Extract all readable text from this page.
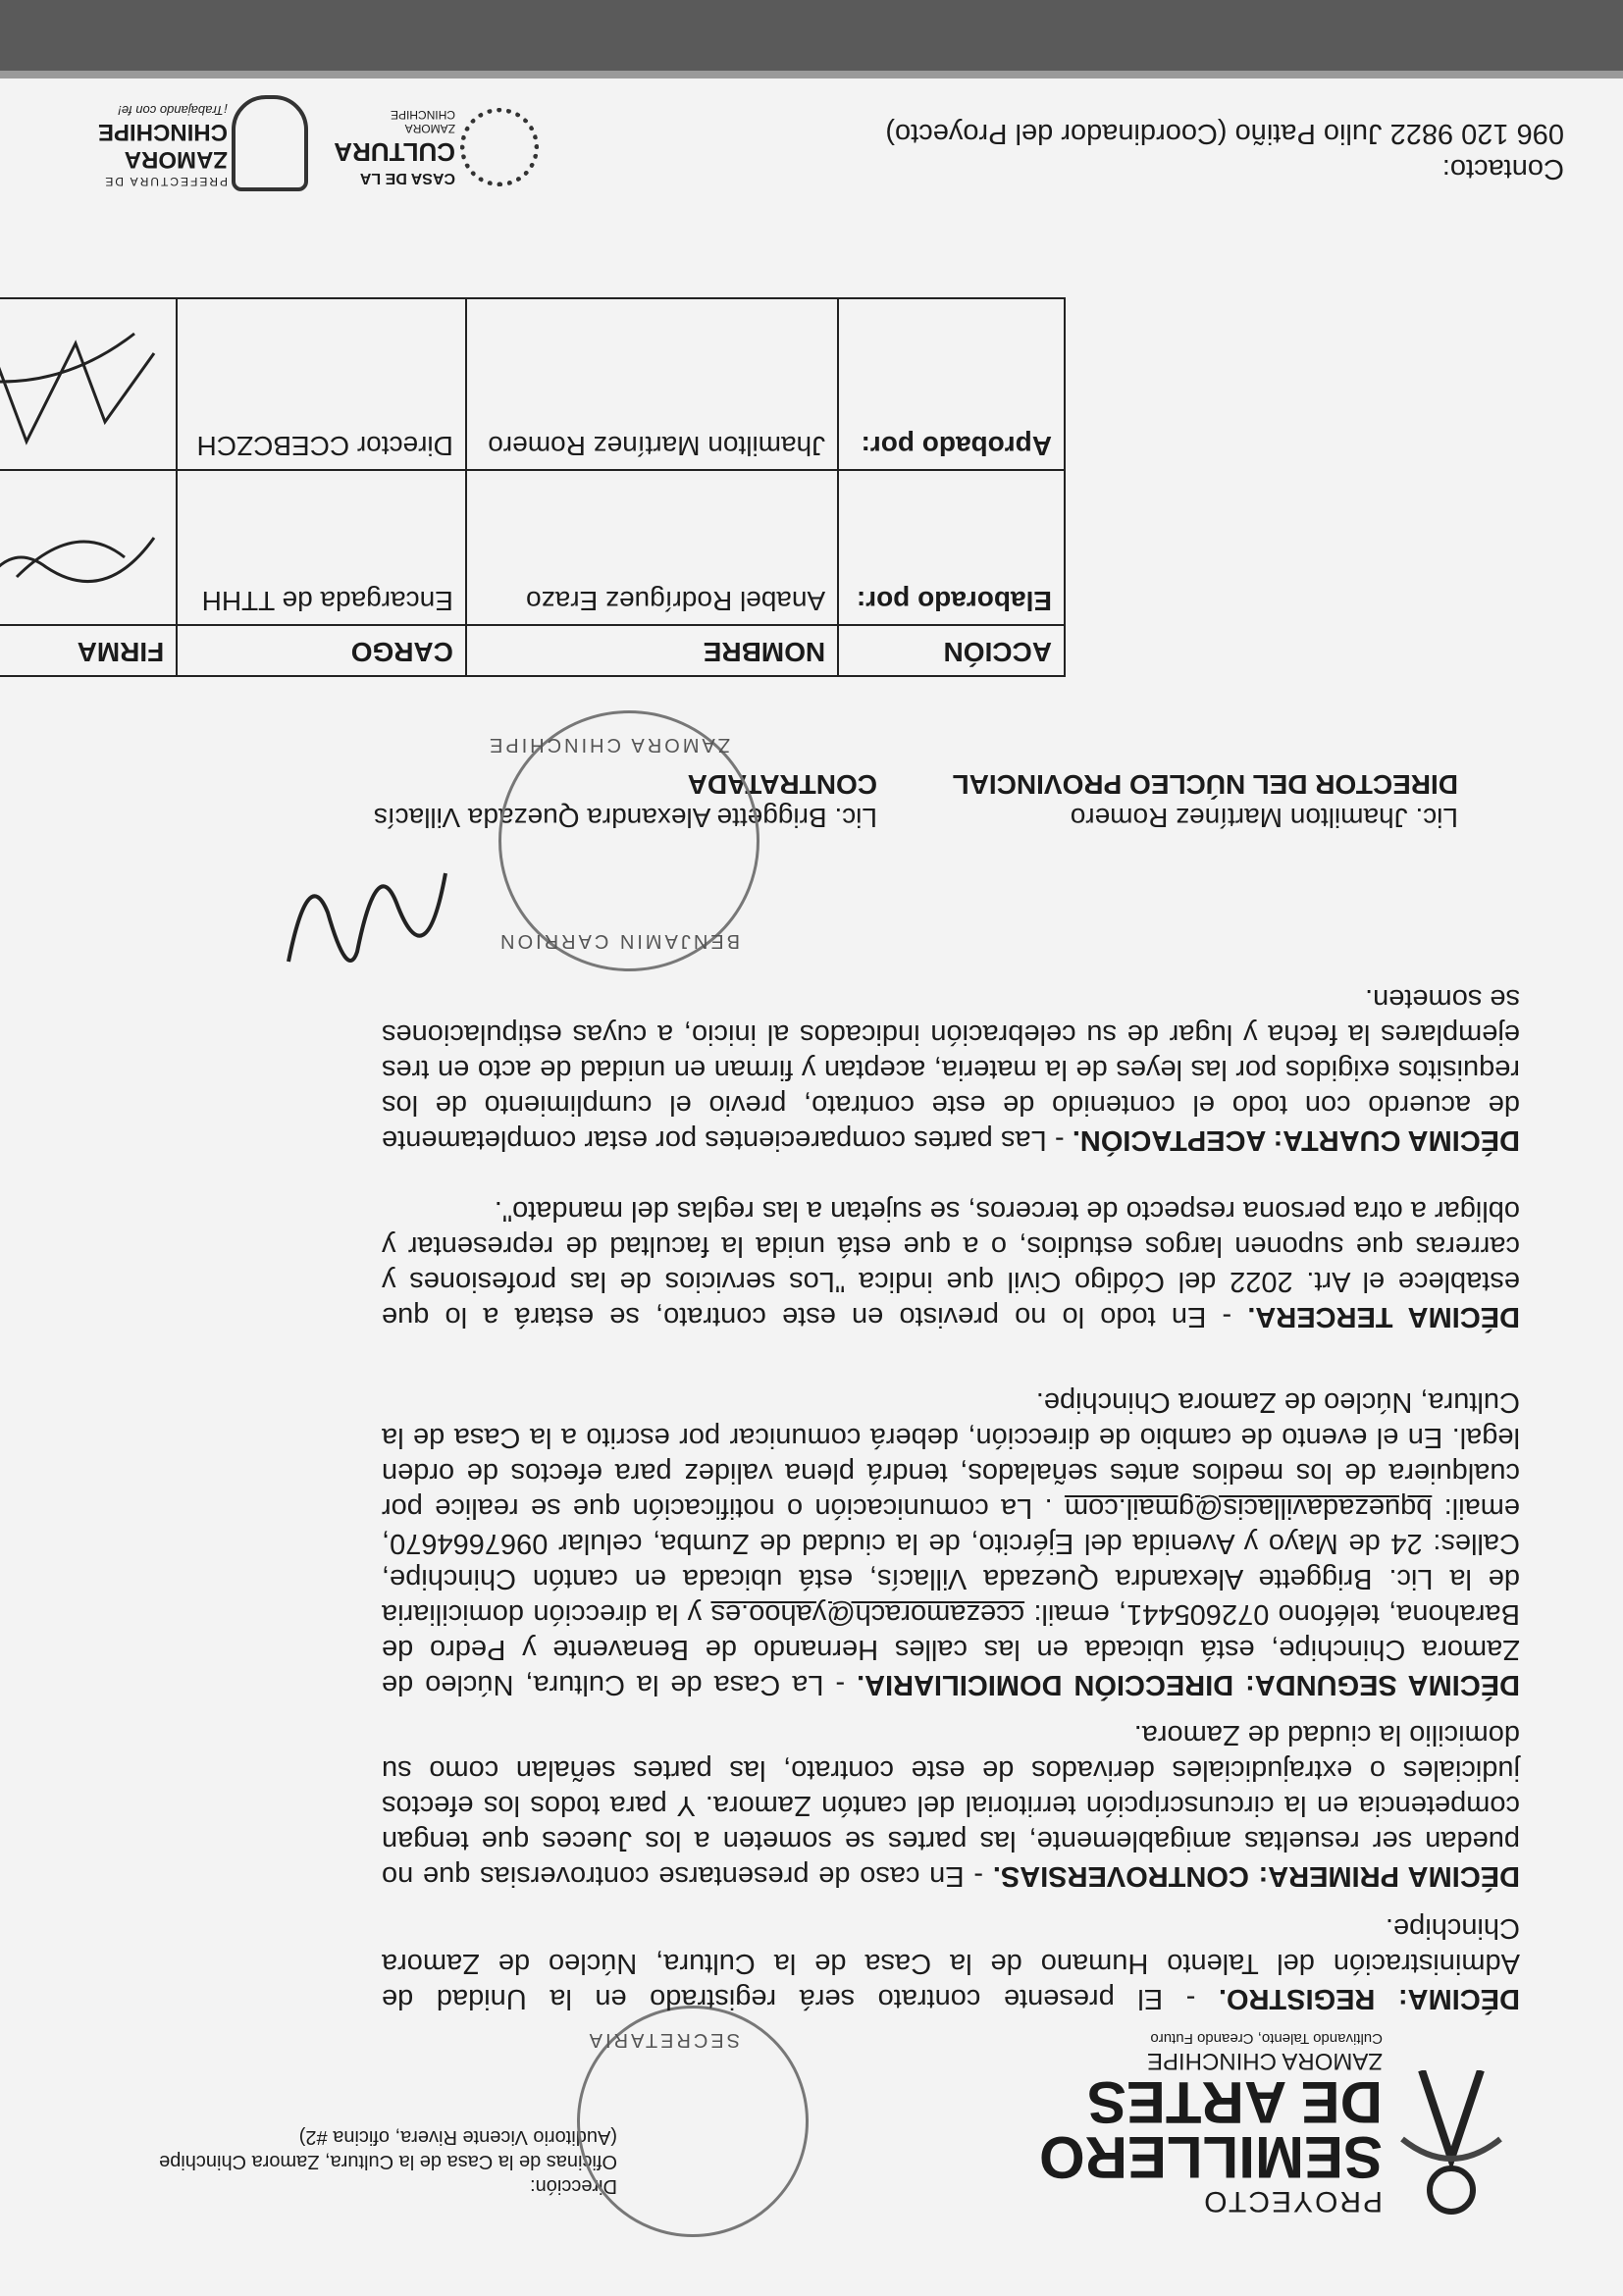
PROYECTO
SEMILLERO
DE ARTES
ZAMORA CHINCHIPE
Cultivando Talento, Creando Futuro
Dirección:
Oficinas de la Casa de la Cultura, Zamora Chinchipe
(Auditorio Vicente Rivera, oficina #2)
SECRETARIA
DÉCIMA: REGISTRO. - El presente contrato será registrado en la Unidad de Administración del Talento Humano de la Casa de la Cultura, Núcleo de Zamora Chinchipe.
DÉCIMA PRIMERA: CONTROVERSIAS. - En caso de presentarse controversias que no puedan ser resueltas amigablemente, las partes se someten a los Jueces que tengan competencia en la circunscripción territorial del cantón Zamora. Y para todos los efectos judiciales o extrajudiciales derivados de este contrato, las partes señalan como su domicilio la ciudad de Zamora.
DÉCIMA SEGUNDA: DIRECCIÓN DOMICILIARIA. - La Casa de la Cultura, Núcleo de Zamora Chinchipe, está ubicada en las calles Hernando de Benavente y Pedro de Barahona, teléfono 072605441, email: ccezamorach@yahoo.es y la dirección domiciliaria de la Lic. Briggette Alexandra Quezada Villacís, está ubicada en cantón Chinchipe, Calles: 24 de Mayo y Avenida del Ejército, de la ciudad de Zumba, celular 0967664670, email: bquezadavillacis@gmail.com . La comunicación o notificación que se realice por cualquiera de los medios antes señalados, tendrá plena validez para efectos de orden legal. En el evento de cambio de dirección, deberá comunicar por escrito a la Casa de la Cultura, Núcleo de Zamora Chinchipe.
DÉCIMA TERCERA. - En todo lo no previsto en este contrato, se estará a lo que establece el Art. 2022 del Código Civil que indica "Los servicios de las profesiones y carreras que suponen largos estudios, o a que está unida la facultad de representar y obligar a otra persona respecto de terceros, se sujetan a las reglas del mandato".
DÉCIMA CUARTA: ACEPTACIÓN. - Las partes comparecientes por estar completamente de acuerdo con todo el contenido de este contrato, previo el cumplimiento de los requisitos exigidos por las leyes de la materia, aceptan y firman en unidad de acto en tres ejemplares la fecha y lugar de su celebración indicados al inicio, a cuyas estipulaciones se someten.
Lic. Jhamilton Martínez Romero
DIRECTOR DEL NÚCLEO PROVINCIAL
Lic. Briggette Alexandra Quezada Villacís
CONTRATADA
BENJAMIN CARRION
ZAMORA CHINCHIPE
ACCIÓN	NOMBRE	CARGO	FIRMA
Elaborado por:	Anabel Rodríguez Erazo	Encargada de TTHH	
Aprobado por:	Jhamilton Martínez Romero	Director CCEBCZCH	
Contacto:
096 120 9822 Julio Patiño (Coordinador del Proyecto)
CASA DE LA
CULTURA
ZAMORA CHINCHIPE
PREFECTURA DE
ZAMORA
CHINCHIPE
¡Trabajando con fe!
